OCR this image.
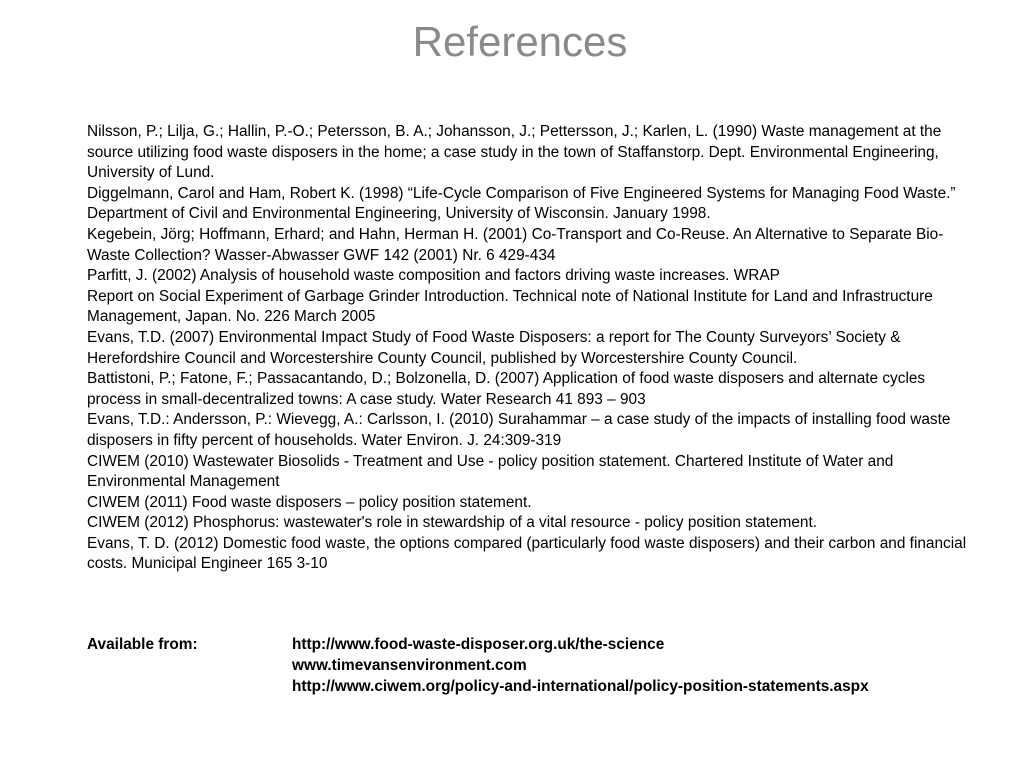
References

Nilsson, P.; Lilja, G.; Hallin, P.-O.; Petersson, B. A.; Johansson, J.; Pettersson, J.; Karlen, L. (1990) Waste management at the source utilizing food waste disposers in the home; a case study in the town of Staffanstorp. Dept. Environmental Engineering, University of Lund.

Diggelmann, Carol and Ham, Robert K. (1998) “Life-Cycle Comparison of Five Engineered Systems for Managing Food Waste.” Department of Civil and Environmental Engineering, University of Wisconsin. January 1998.

Kegebein, Jörg; Hoffmann, Erhard; and Hahn, Herman H. (2001) Co-Transport and Co-Reuse. An Alternative to Separate Bio-Waste Collection? Wasser-Abwasser GWF 142 (2001) Nr. 6 429-434

Parfitt, J. (2002) Analysis of household waste composition and factors driving waste increases. WRAP

Report on Social Experiment of Garbage Grinder Introduction. Technical note of National Institute for Land and Infrastructure Management, Japan. No. 226 March 2005

Evans, T.D. (2007) Environmental Impact Study of Food Waste Disposers: a report for The County Surveyors’ Society & Herefordshire Council and Worcestershire County Council, published by Worcestershire County Council.

Battistoni, P.; Fatone, F.; Passacantando, D.; Bolzonella, D. (2007) Application of food waste disposers and alternate cycles process in small-decentralized towns: A case study. Water Research 41 893 – 903

Evans, T.D.: Andersson, P.: Wievegg, A.: Carlsson, I. (2010) Surahammar – a case study of the impacts of installing food waste disposers in fifty percent of households. Water Environ. J. 24:309-319

CIWEM (2010) Wastewater Biosolids - Treatment and Use - policy position statement. Chartered Institute of Water and Environmental Management

CIWEM (2011) Food waste disposers – policy position statement.

CIWEM (2012) Phosphorus: wastewater's role in stewardship of a vital resource - policy position statement.

Evans, T. D. (2012) Domestic food waste, the options compared (particularly food waste disposers) and their carbon and financial costs. Municipal Engineer 165 3-10

Available from:	http://www.food-waste-disposer.org.uk/the-science
www.timevansenvironment.com
http://www.ciwem.org/policy-and-international/policy-position-statements.aspx
